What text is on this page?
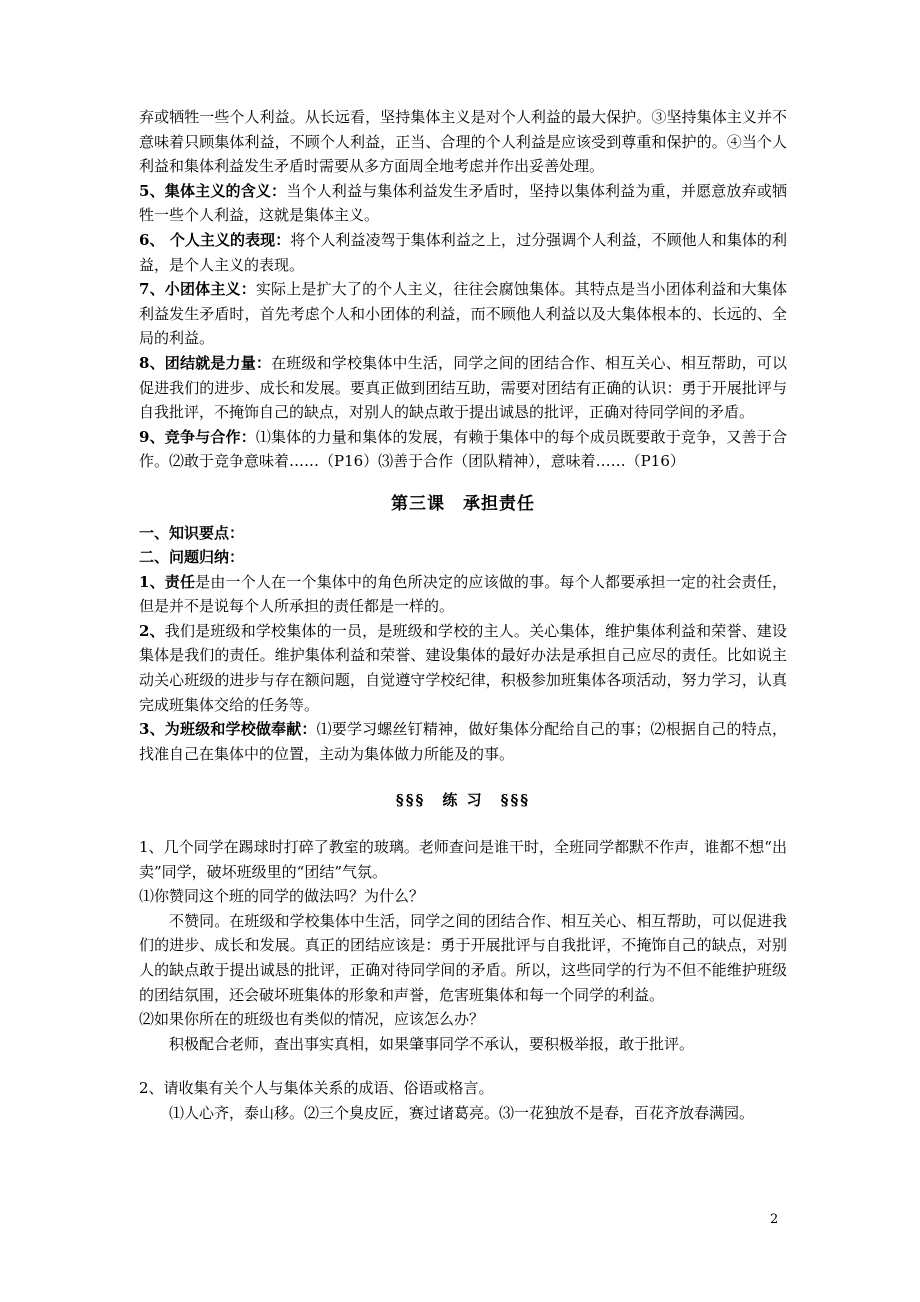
弃或牺牲一些个人利益。从长远看，坚持集体主义是对个人利益的最大保护。③坚持集体主义并不意味着只顾集体利益，不顾个人利益，正当、合理的个人利益是应该受到尊重和保护的。④当个人利益和集体利益发生矛盾时需要从多方面周全地考虑并作出妥善处理。

5、集体主义的含义：当个人利益与集体利益发生矛盾时，坚持以集体利益为重，并愿意放弃或牺牲一些个人利益，这就是集体主义。

6、 个人主义的表现：将个人利益凌驾于集体利益之上，过分强调个人利益，不顾他人和集体的利益，是个人主义的表现。

7、小团体主义：实际上是扩大了的个人主义，往往会腐蚀集体。其特点是当小团体利益和大集体利益发生矛盾时，首先考虑个人和小团体的利益，而不顾他人利益以及大集体根本的、长远的、全局的利益。

8、团结就是力量：在班级和学校集体中生活，同学之间的团结合作、相互关心、相互帮助，可以促进我们的进步、成长和发展。要真正做到团结互助，需要对团结有正确的认识：勇于开展批评与自我批评，不掩饰自己的缺点，对别人的缺点敢于提出诚恳的批评，正确对待同学间的矛盾。

9、竞争与合作：⑴集体的力量和集体的发展，有赖于集体中的每个成员既要敢于竞争，又善于合作。⑵敢于竞争意味着……（P16）⑶善于合作（团队精神），意味着……（P16）

第三课　承担责任

一、知识要点：

二、问题归纳：

1、责任是由一个人在一个集体中的角色所决定的应该做的事。每个人都要承担一定的社会责任，但是并不是说每个人所承担的责任都是一样的。

2、我们是班级和学校集体的一员，是班级和学校的主人。关心集体，维护集体利益和荣誉、建设集体是我们的责任。维护集体利益和荣誉、建设集体的最好办法是承担自己应尽的责任。比如说主动关心班级的进步与存在额问题，自觉遵守学校纪律，积极参加班集体各项活动，努力学习，认真完成班集体交给的任务等。

3、为班级和学校做奉献：⑴要学习螺丝钉精神，做好集体分配给自己的事；⑵根据自己的特点，找准自己在集体中的位置，主动为集体做力所能及的事。

§§§　练 习　§§§

1、几个同学在踢球时打碎了教室的玻璃。老师查问是谁干时，全班同学都默不作声，谁都不想“出卖”同学，破坏班级里的“团结”气氛。

⑴你赞同这个班的同学的做法吗？为什么？

不赞同。在班级和学校集体中生活，同学之间的团结合作、相互关心、相互帮助，可以促进我们的进步、成长和发展。真正的团结应该是：勇于开展批评与自我批评，不掩饰自己的缺点，对别人的缺点敢于提出诚恳的批评，正确对待同学间的矛盾。所以，这些同学的行为不但不能维护班级的团结氛围，还会破坏班集体的形象和声誉，危害班集体和每一个同学的利益。

⑵如果你所在的班级也有类似的情况，应该怎么办？

积极配合老师，查出事实真相，如果肇事同学不承认，要积极举报，敢于批评。

2、请收集有关个人与集体关系的成语、俗语或格言。

⑴人心齐，泰山移。⑵三个臭皮匠，赛过诸葛亮。⑶一花独放不是春，百花齐放春满园。

2
